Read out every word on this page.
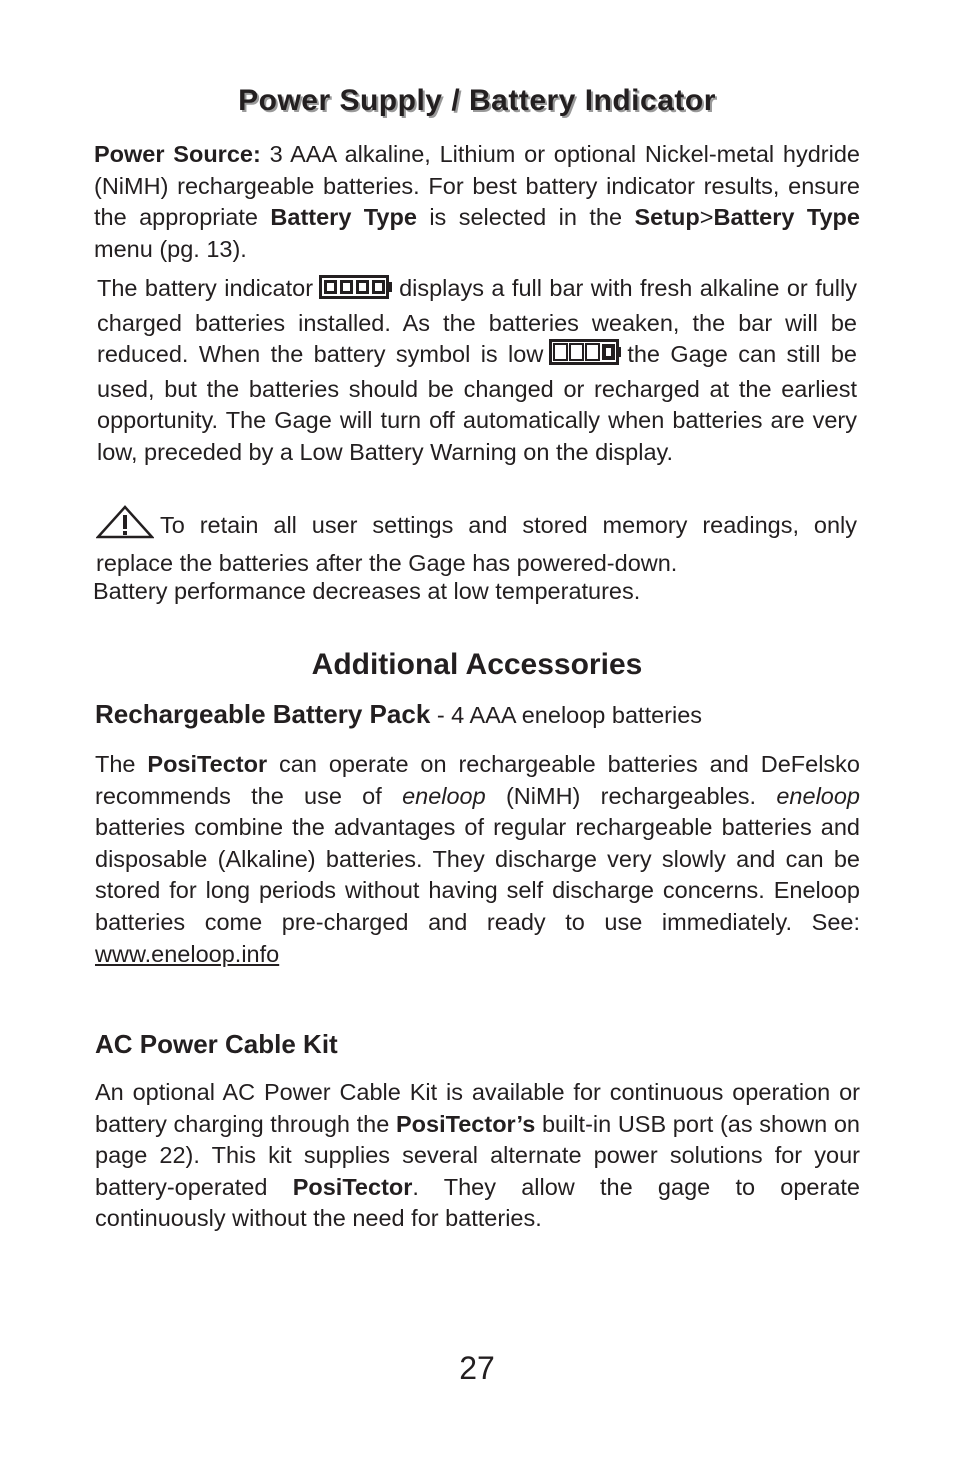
Power Supply / Battery Indicator

Power Source: 3 AAA alkaline, Lithium or optional Nickel-metal hydride (NiMH) rechargeable batteries. For best battery indicator results, ensure the appropriate Battery Type is selected in the Setup>Battery Type menu (pg. 13).

The battery indicator	displays a full bar with fresh alkaline or fully charged batteries installed. As the batteries weaken, the bar will be reduced. When the battery symbol is low	the Gage can still be used, but the batteries should be changed or recharged at the earliest opportunity. The Gage will turn off automatically when batteries are very low, preceded by a Low Battery Warning on the display.

To retain all user settings and stored memory readings, only replace the batteries after the Gage has powered-down.

Battery performance decreases at low temperatures.

Additional Accessories
Rechargeable Battery Pack - 4 AAA eneloop batteries

The PosiTector can operate on rechargeable batteries and DeFelsko recommends the use of eneloop (NiMH) rechargeables. eneloop batteries combine the advantages of regular rechargeable batteries and disposable (Alkaline) batteries. They discharge very slowly and can be stored for long periods without having self discharge concerns. Eneloop batteries come pre-charged and ready to use immediately. See: www.eneloop.info

AC Power Cable Kit

An optional AC Power Cable Kit is available for continuous operation or battery charging through the PosiTector’s built-in USB port (as shown on page 22). This kit supplies several alternate power solutions for your battery-operated PosiTector. They allow the gage to operate continuously without the need for batteries.

27
